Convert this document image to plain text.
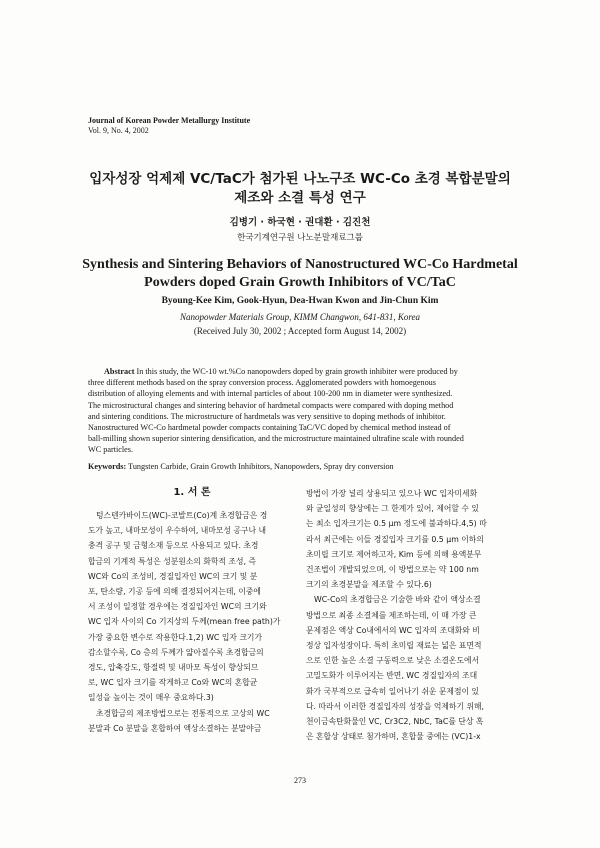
Journal of Korean Powder Metallurgy Institute
Vol. 9, No. 4, 2002
입자성장 억제제 VC/TaC가 첨가된 나노구조 WC-Co 초경 복합분말의
제조와 소결 특성 연구
김병기 · 하국현 · 권대환 · 김진천
한국기계연구원 나노분말재료그룹
Synthesis and Sintering Behaviors of Nanostructured WC-Co Hardmetal
Powders doped Grain Growth Inhibitors of VC/TaC
Byoung-Kee Kim, Gook-Hyun, Dea-Hwan Kwon and Jin-Chun Kim
Nanopowder Materials Group, KIMM Changwon, 641-831, Korea
(Received July 30, 2002 ; Accepted form August 14, 2002)
Abstract In this study, the WC-10 wt.%Co nanopowders doped by grain growth inhibiter were produced by
three different methods based on the spray conversion process. Agglomerated powders with homoegenous
distribution of alloying elements and with internal particles of about 100-200 nm in diameter were synthesized.
The microstructural changes and sintering behavior of hardmetal compacts were compared with doping method
and sintering conditions. The microstructure of hardmetals was very sensitive to doping methods of inhibitor.
Nanostructured WC-Co hardmetal powder compacts containing TaC/VC doped by chemical method instead of
ball-milling shown superior sintering densification, and the microstructure maintained ultrafine scale with rounded
WC particles.
Keywords: Tungsten Carbide, Grain Growth Inhibitors, Nanopowders, Spray dry conversion
1. 서 론
텅스텐카바이드(WC)-코발트(Co)계 초경합금은 경
도가 높고, 내마모성이 우수하여, 내마모성 공구나 내
충격 공구 및 금형소재 등으로 사용되고 있다. 초경
합금의 기계적 특성은 성분원소의 화학적 조성, 즉
WC와 Co의 조성비, 경질입자인 WC의 크기 및 분
포, 탄소량, 기공 등에 의해 결정되어지는데, 이중에
서 조성이 일정할 경우에는 경질입자인 WC의 크기와
WC 입자 사이의 Co 기지상의 두께(mean free path)가
가장 중요한 변수로 작용한다.1,2) WC 입자 크기가
감소할수록, Co 층의 두께가 얇아질수록 초경합금의
경도, 압축강도, 항절력 및 내마모 특성이 향상되므
로, WC 입자 크기를 작게하고 Co와 WC의 혼합균
일성을 높이는 것이 매우 중요하다.3)
초경합금의 제조방법으로는 전통적으로 고상의 WC
분말과 Co 분말을 혼합하여 액상소결하는 분말야금
방법이 가장 널리 상용되고 있으나 WC 입자미세화
와 균일성의 향상에는 그 한계가 있어, 제어할 수 있
는 최소 입자크기는 0.5 μm 정도에 불과하다.4,5) 따
라서 최근에는 이들 경질입자 크기를 0.5 μm 이하의
초미립 크기로 제어하고자, Kim 등에 의해 용액분무
건조법이 개발되었으며, 이 방법으로는 약 100 nm
크기의 초경분말을 제조할 수 있다.6)
WC-Co의 초경합금은 기술한 바와 같이 액상소결
방법으로 최종 소결체를 제조하는데, 이 때 가장 큰
문제점은 액상 Co내에서의 WC 입자의 조대화와 비
정상 입자성장이다. 특히 초미립 재료는 넓은 표면적
으로 인한 높은 소결 구동력으로 낮은 소결온도에서
고밀도화가 이루어지는 반면, WC 경질입자의 조대
화가 국부적으로 급속히 일어나기 쉬운 문제점이 있
다. 따라서 이러한 경질입자의 성장을 억제하기 위해,
천이금속탄화물인 VC, Cr3C2, NbC, TaC를 단상 혹
은 혼합상 상태로 첨가하며, 혼합물 중에는 (VC)1-x
273
